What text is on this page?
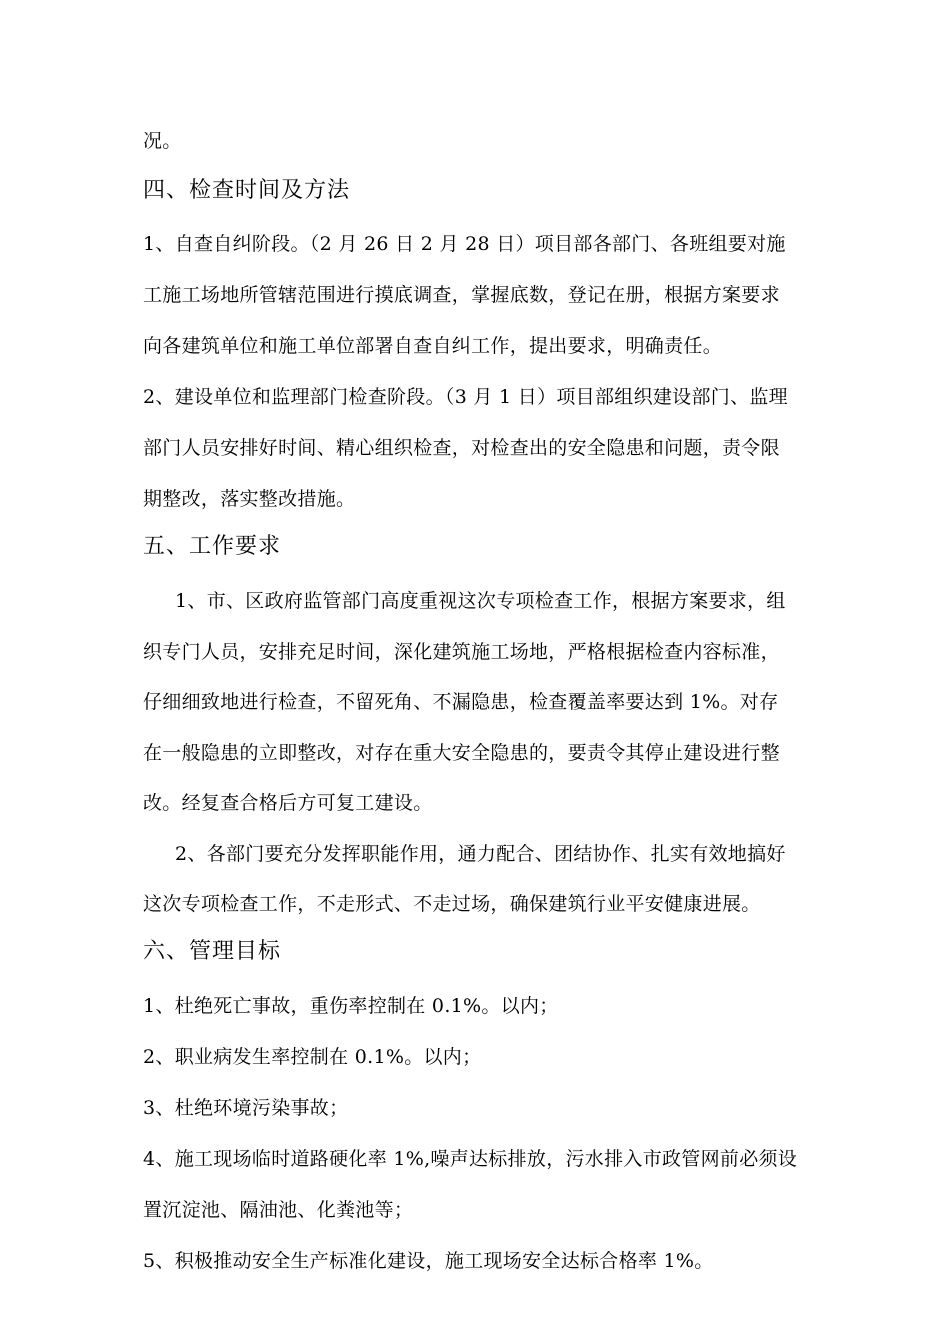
况。
四、检查时间及方法
1、自查自纠阶段。（2 月 26 日 2 月 28 日）项目部各部门、各班组要对施
工施工场地所管辖范围进行摸底调查，掌握底数，登记在册，根据方案要求
向各建筑单位和施工单位部署自查自纠工作，提出要求，明确责任。
2、建设单位和监理部门检查阶段。（3 月 1 日）项目部组织建设部门、监理
部门人员安排好时间、精心组织检查，对检查出的安全隐患和问题，责令限
期整改，落实整改措施。
五、工作要求
1、市、区政府监管部门高度重视这次专项检查工作，根据方案要求，组
织专门人员，安排充足时间，深化建筑施工场地，严格根据检查内容标准，
仔细细致地进行检查，不留死角、不漏隐患，检查覆盖率要达到 1%。对存
在一般隐患的立即整改，对存在重大安全隐患的，要责令其停止建设进行整
改。经复查合格后方可复工建设。
2、各部门要充分发挥职能作用，通力配合、团结协作、扎实有效地搞好
这次专项检查工作，不走形式、不走过场，确保建筑行业平安健康进展。
六、管理目标
1、杜绝死亡事故，重伤率控制在 0.1%。以内；
2、职业病发生率控制在 0.1%。以内；
3、杜绝环境污染事故；
4、施工现场临时道路硬化率 1%,噪声达标排放，污水排入市政管网前必须设
置沉淀池、隔油池、化粪池等；
5、积极推动安全生产标准化建设，施工现场安全达标合格率 1%。
